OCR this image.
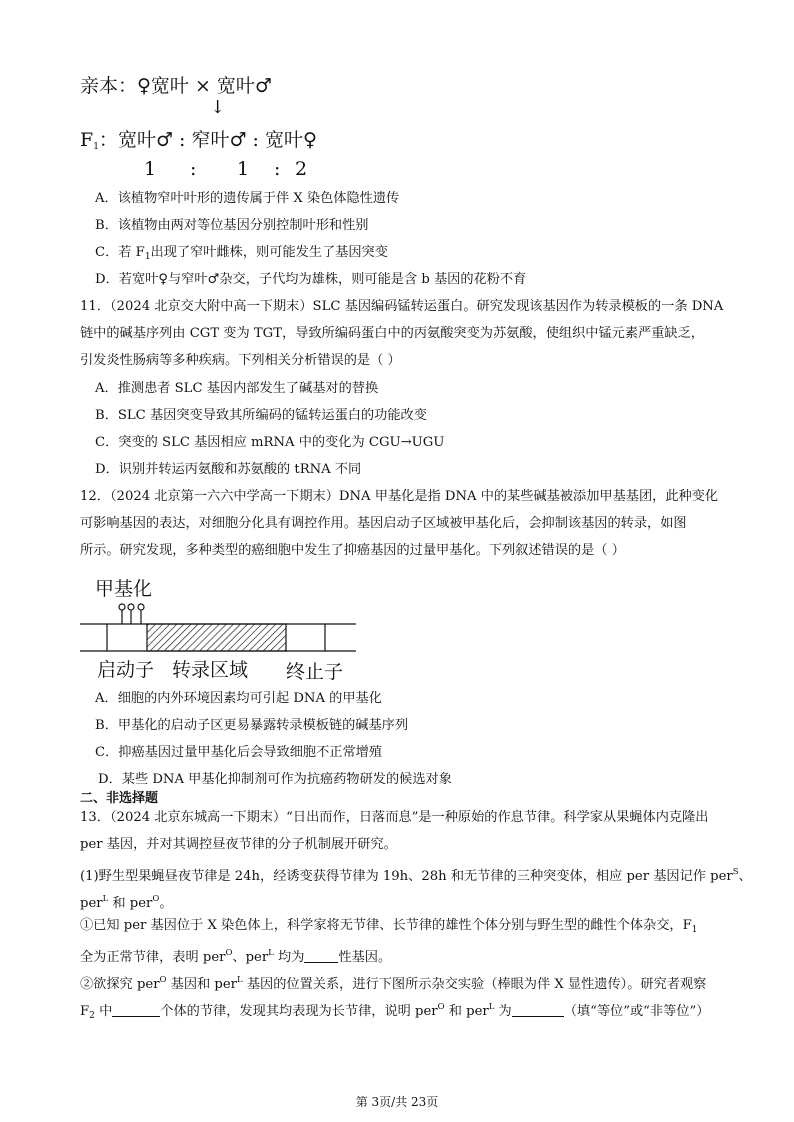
亲本：♀宽叶 × 宽叶♂
↓
$F_1$：宽叶♂ : 窄叶♂ : 宽叶♀
1 : 1 : 2
A．该植物窄叶叶形的遗传属于伴 X 染色体隐性遗传
B．该植物由两对等位基因分别控制叶形和性别
C．若 $F_1$出现了窄叶雌株，则可能发生了基因突变
D．若宽叶♀与窄叶♂杂交，子代均为雄株，则可能是含 b 基因的花粉不育
11．（2024 北京交大附中高一下期末）SLC 基因编码锰转运蛋白。研究发现该基因作为转录模板的一条 DNA
链中的碱基序列由 CGT 变为 TGT，导致所编码蛋白中的丙氨酸突变为苏氨酸，使组织中锰元素严重缺乏，
引发炎性肠病等多种疾病。下列相关分析错误的是（ ）
A．推测患者 SLC 基因内部发生了碱基对的替换
B．SLC 基因突变导致其所编码的锰转运蛋白的功能改变
C．突变的 SLC 基因相应 mRNA 中的变化为 CGU→UGU
D．识别并转运丙氨酸和苏氨酸的 tRNA 不同
12．（2024 北京第一六六中学高一下期末）DNA 甲基化是指 DNA 中的某些碱基被添加甲基基团，此种变化
可影响基因的表达，对细胞分化具有调控作用。基因启动子区域被甲基化后，会抑制该基因的转录，如图
所示。研究发现，多种类型的癌细胞中发生了抑癌基因的过量甲基化。下列叙述错误的是（ ）
甲基化
启动子 转录区域 终止子
A．细胞的内外环境因素均可引起 DNA 的甲基化
B．甲基化的启动子区更易暴露转录模板链的碱基序列
C．抑癌基因过量甲基化后会导致细胞不正常增殖
D．某些 DNA 甲基化抑制剂可作为抗癌药物研发的候选对象
二、非选择题
13．（2024 北京东城高一下期末）“日出而作，日落而息”是一种原始的作息节律。科学家从果蝇体内克隆出
per 基因，并对其调控昼夜节律的分子机制展开研究。
(1)野生型果蝇昼夜节律是 24h，经诱变获得节律为 19h、28h 和无节律的三种突变体，相应 per 基因记作 per$^S$、
per$^L$ 和 per$^O$。
①已知 per 基因位于 X 染色体上，科学家将无节律、长节律的雄性个体分别与野生型的雌性个体杂交，$F_1$
全为正常节律，表明 per$^O$、per$^L$ 均为	性基因。
②欲探究 per$^O$ 基因和 per$^L$ 基因的位置关系，进行下图所示杂交实验（棒眼为伴 X 显性遗传）。研究者观察
$F_2$ 中	个体的节律，发现其均表现为长节律，说明 per$^O$ 和 per$^L$ 为	（填“等位”或“非等位”）
第 3页/共 23页
